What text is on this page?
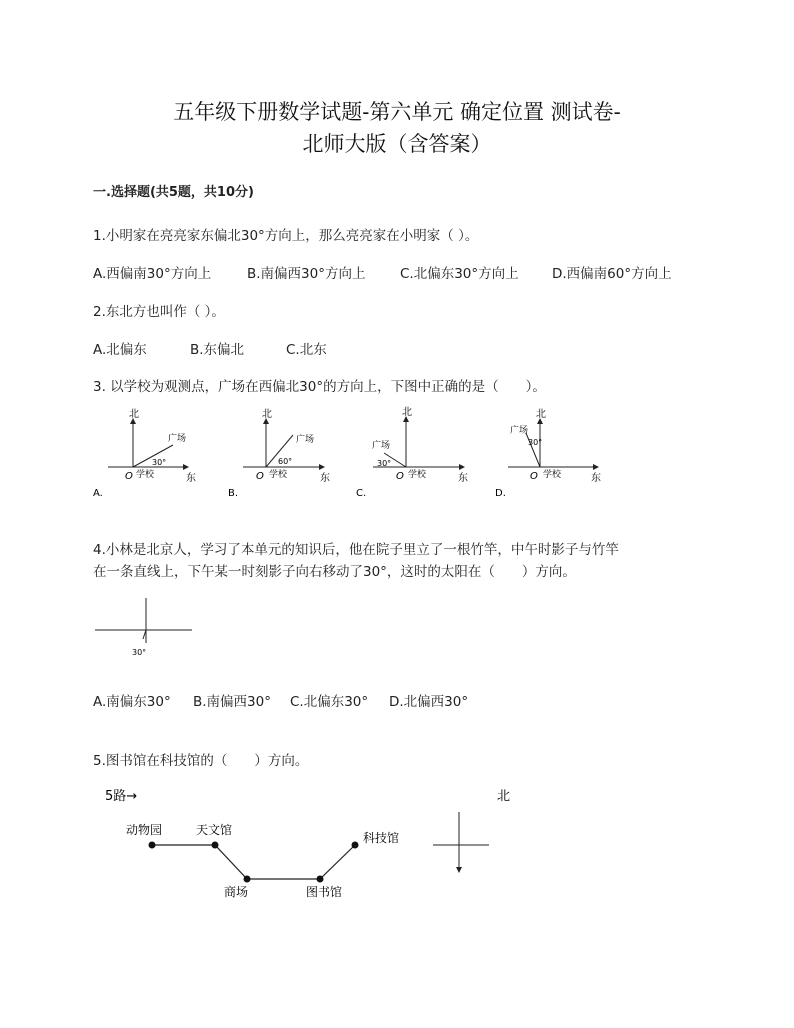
五年级下册数学试题-第六单元 确定位置 测试卷-
北师大版（含答案）
一.选择题(共5题，共10分)
1.小明家在亮亮家东偏北30°方向上，那么亮亮家在小明家（ ）。
A.西偏南30°方向上	B.南偏西30°方向上	C.北偏东30°方向上 D.西偏南60°方向上
2.东北方也叫作（ ）。
A.北偏东	B.东偏北	C.北东
3. 以学校为观测点，广场在西偏北30°的方向上，下图中正确的是（　　）。
北
东
O 学校
广场
30°
A.
北
东
O 学校
广场
60°
B.
北
东
O 学校
广场
30°
C.
北
东
O 学校
广场
30°
D.
4.小林是北京人，学习了本单元的知识后，他在院子里立了一根竹竿，中午时影子与竹竿
在一条直线上，下午某一时刻影子向右移动了30°，这时的太阳在（　　）方向。
30°
A.南偏东30° B.南偏西30° C.北偏东30° D.北偏西30°
5.图书馆在科技馆的（　　）方向。
5路→	北
动物园	天文馆
商场	图书馆
科技馆
